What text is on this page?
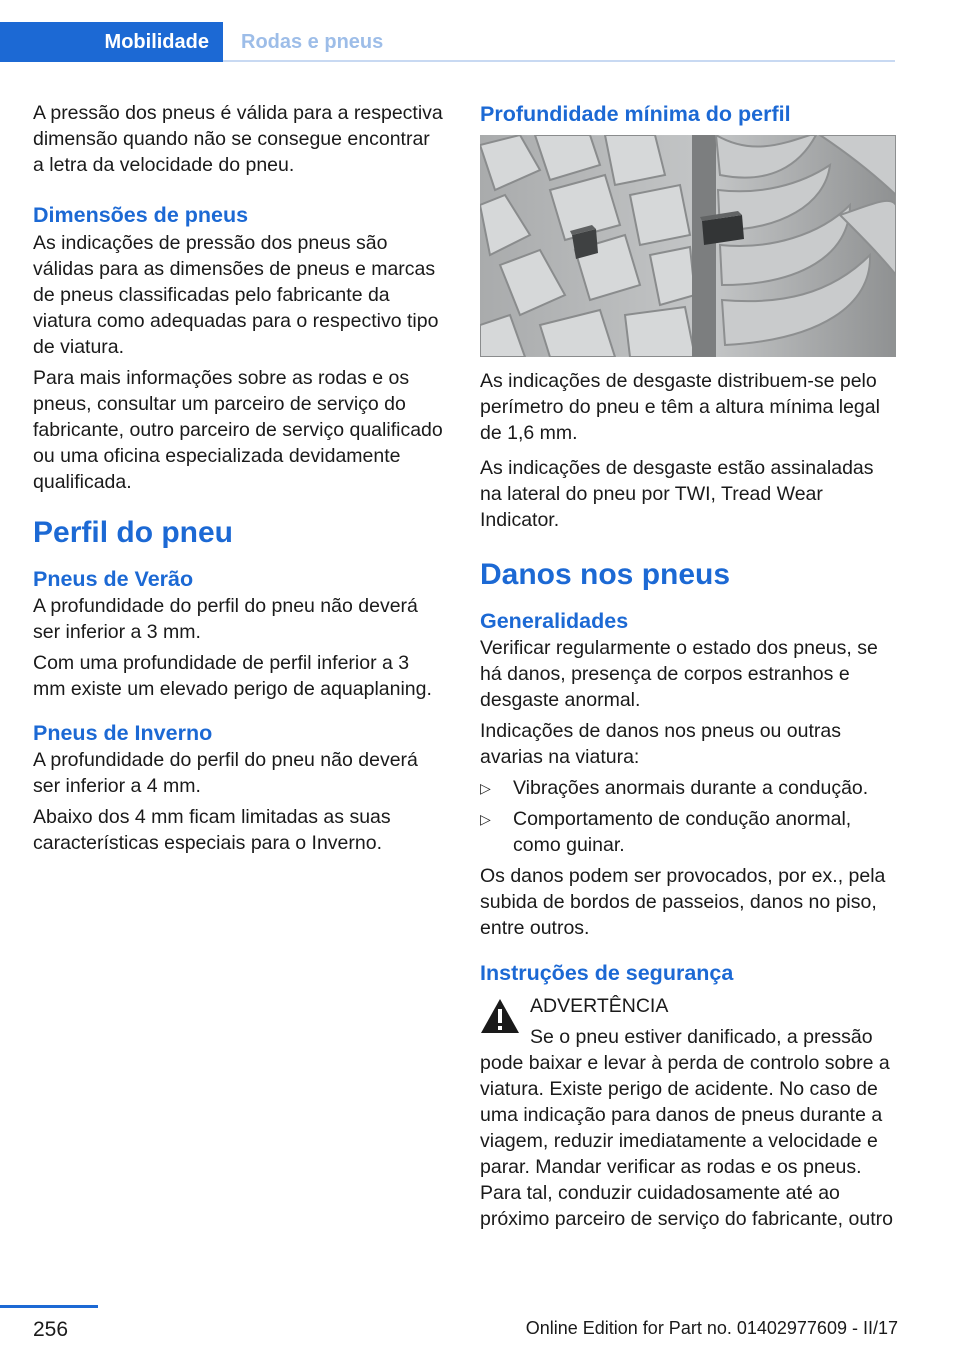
Mobilidade	Rodas e pneus

A pressão dos pneus é válida para a respectiva dimensão quando não se consegue encontrar a letra da velocidade do pneu.

Dimensões de pneus

As indicações de pressão dos pneus são válidas para as dimensões de pneus e marcas de pneus classificadas pelo fabricante da viatura como adequadas para o respectivo tipo de viatura.

Para mais informações sobre as rodas e os pneus, consultar um parceiro de serviço do fabricante, outro parceiro de serviço qualificado ou uma oficina especializada devidamente qualificada.

Perfil do pneu
Pneus de Verão

A profundidade do perfil do pneu não deverá ser inferior a 3 mm.

Com uma profundidade de perfil inferior a 3 mm existe um elevado perigo de aquaplaning.

Pneus de Inverno

A profundidade do perfil do pneu não deverá ser inferior a 4 mm.

Abaixo dos 4 mm ficam limitadas as suas características especiais para o Inverno.

Profundidade mínima do perfil

As indicações de desgaste distribuem-se pelo perímetro do pneu e têm a altura mínima legal de 1,6 mm.

As indicações de desgaste estão assinaladas na lateral do pneu por TWI, Tread Wear Indicator.

Danos nos pneus
Generalidades

Verificar regularmente o estado dos pneus, se há danos, presença de corpos estranhos e desgaste anormal.

Indicações de danos nos pneus ou outras avarias na viatura:

▷ Vibrações anormais durante a condução.
▷ Comportamento de condução anormal, como guinar.

Os danos podem ser provocados, por ex., pela subida de bordos de passeios, danos no piso, entre outros.

Instruções de segurança
ADVERTÊNCIA
Se o pneu estiver danificado, a pressão

pode baixar e levar à perda de controlo sobre a viatura. Existe perigo de acidente. No caso de uma indicação para danos de pneus durante a viagem, reduzir imediatamente a velocidade e parar. Mandar verificar as rodas e os pneus. Para tal, conduzir cuidadosamente até ao próximo parceiro de serviço do fabricante, outro

256	Online Edition for Part no. 01402977609 - II/17
